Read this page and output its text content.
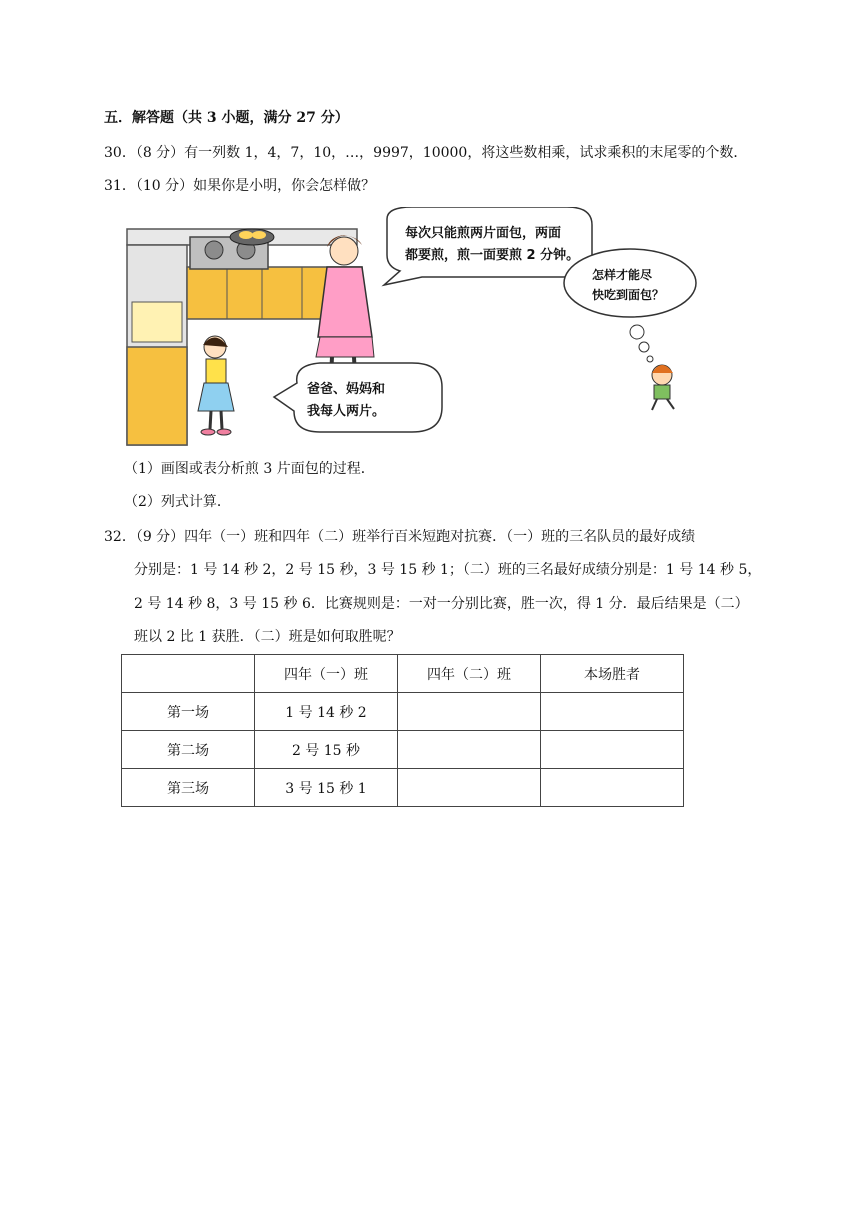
五．解答题（共 3 小题，满分 27 分）
30．（8 分）有一列数 1，4，7，10，…，9997，10000，将这些数相乘，试求乘积的末尾零的个数．
31．（10 分）如果你是小明，你会怎样做？
每次只能煎两片面包，两面
都要煎，煎一面要煎 2 分钟。
怎样才能尽
快吃到面包？
爸爸、妈妈和
我每人两片。
（1）画图或表分析煎 3 片面包的过程．
（2）列式计算．
32．（9 分）四年（一）班和四年（二）班举行百米短跑对抗赛．（一）班的三名队员的最好成绩
分别是：1 号 14 秒 2，2 号 15 秒，3 号 15 秒 1；（二）班的三名最好成绩分别是：1 号 14 秒 5，
2 号 14 秒 8，3 号 15 秒 6．比赛规则是：一对一分别比赛，胜一次，得 1 分．最后结果是（二）
班以 2 比 1 获胜．（二）班是如何取胜呢？
	四年（一）班	四年（二）班	本场胜者
第一场	1 号 14 秒 2		
第二场	2 号 15 秒		
第三场	3 号 15 秒 1		
